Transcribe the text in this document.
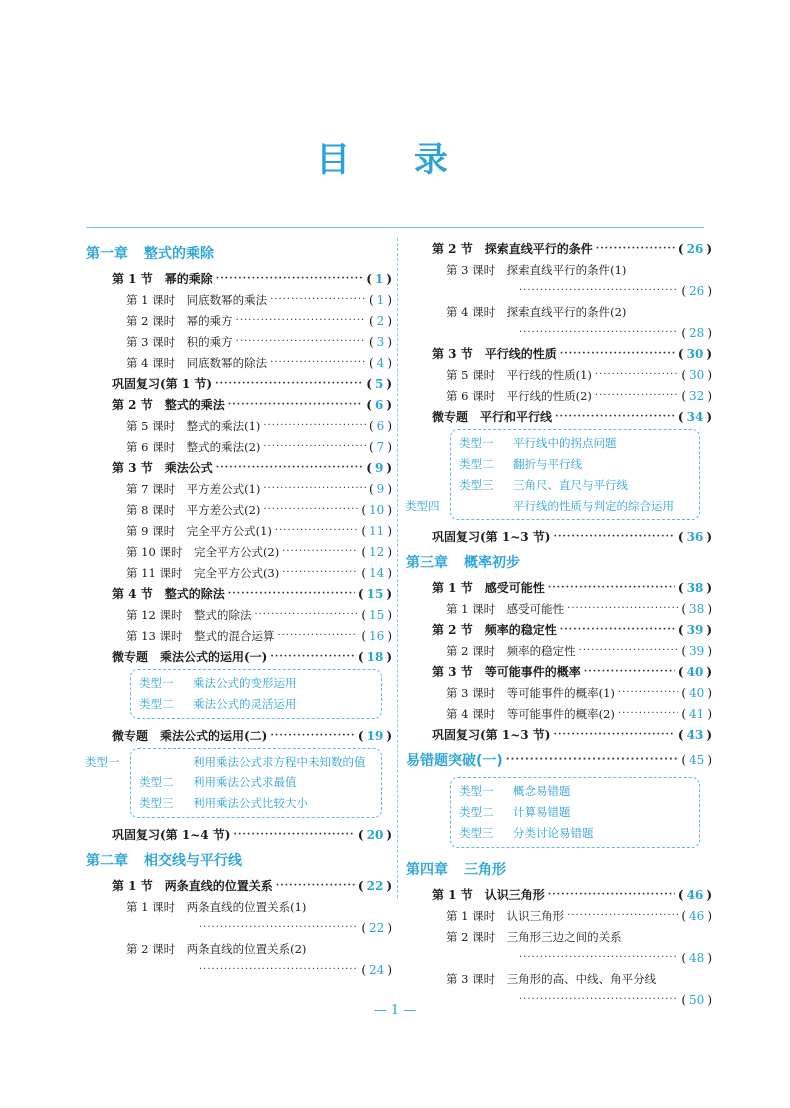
目 录
第一章 整式的乘除
第 1 节　幂的乘除 ·····	( 1 )
第 1 课时　同底数幂的乘法 ·····	( 1 )
第 2 课时　幂的乘方 ·····	( 2 )
第 3 课时　积的乘方 ·····	( 3 )
第 4 课时　同底数幂的除法 ·····	( 4 )
巩固复习(第 1 节) ·····	( 5 )
第 2 节　整式的乘法 ·····	( 6 )
第 5 课时　整式的乘法(1) ·····	( 6 )
第 6 课时　整式的乘法(2) ·····	( 7 )
第 3 节　乘法公式 ·····	( 9 )
第 7 课时　平方差公式(1) ·····	( 9 )
第 8 课时　平方差公式(2) ·····	( 10 )
第 9 课时　完全平方公式(1) ·····	( 11 )
第 10 课时　完全平方公式(2) ·····	( 12 )
第 11 课时　完全平方公式(3) ·····	( 14 )
第 4 节　整式的除法 ·····	( 15 )
第 12 课时　整式的除法 ·····	( 15 )
第 13 课时　整式的混合运算 ·····	( 16 )
微专题　乘法公式的运用(一) ·····	( 18 )
类型一 乘法公式的变形运用
类型二 乘法公式的灵活运用
微专题　乘法公式的运用(二) ·····	( 19 )
类型一	利用乘法公式求方程中未知数的值
类型二 利用乘法公式求最值
类型三 利用乘法公式比较大小
巩固复习(第 1~4 节) ·····	( 20 )
第二章 相交线与平行线
第 1 节　两条直线的位置关系 ·····	( 22 )
第 1 课时　两条直线的位置关系(1)
·····
( 22 )
第 2 课时　两条直线的位置关系(2)
·····
( 24 )
第 2 节　探索直线平行的条件 ·····	( 26 )
第 3 课时　探索直线平行的条件(1)
·····
( 26 )
第 4 课时　探索直线平行的条件(2)
·····
( 28 )
第 3 节　平行线的性质 ·····	( 30 )
第 5 课时　平行线的性质(1) ·····	( 30 )
第 6 课时　平行线的性质(2) ·····	( 32 )
微专题　平行和平行线 ·····	( 34 )
类型一 平行线中的拐点问题
类型二 翻折与平行线
类型三 三角尺、直尺与平行线
类型四	平行线的性质与判定的综合运用
巩固复习(第 1~3 节) ·····	( 36 )
第三章 概率初步
第 1 节　感受可能性 ·····	( 38 )
第 1 课时　感受可能性 ·····	( 38 )
第 2 节　频率的稳定性 ·····	( 39 )
第 2 课时　频率的稳定性 ·····	( 39 )
第 3 节　等可能事件的概率 ·····	( 40 )
第 3 课时　等可能事件的概率(1) ·····	( 40 )
第 4 课时　等可能事件的概率(2) ·····	( 41 )
巩固复习(第 1~3 节) ·····	( 43 )
易错题突破(一) ·····	( 45 )
类型一 概念易错题
类型二 计算易错题
类型三 分类讨论易错题
第四章 三角形
第 1 节　认识三角形 ·····	( 46 )
第 1 课时　认识三角形 ·····	( 46 )
第 2 课时　三角形三边之间的关系
·····
( 48 )
第 3 课时　三角形的高、中线、角平分线
·····
( 50 )
— 1 —
